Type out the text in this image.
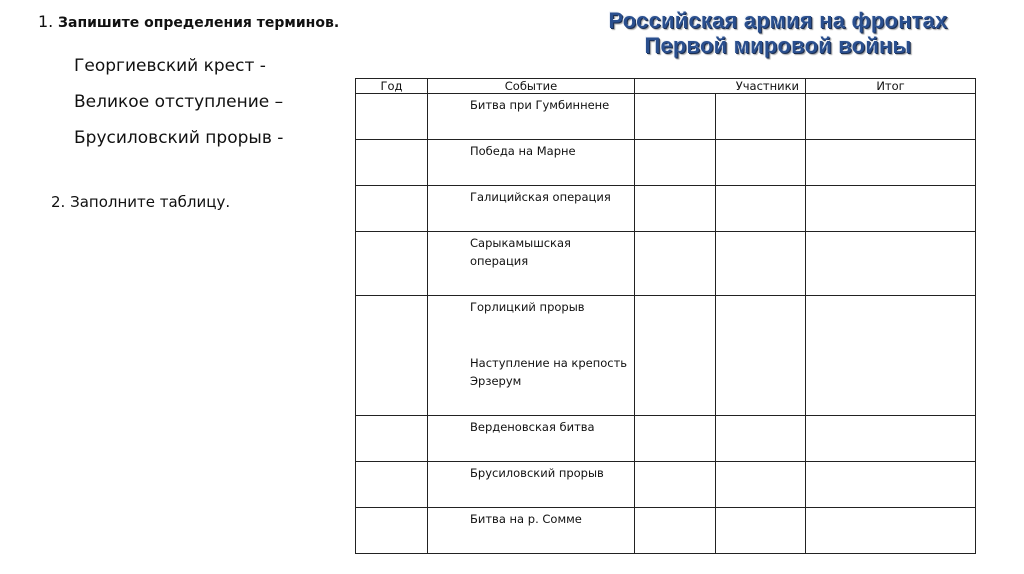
1. Запишите определения терминов.
Георгиевский крест -
Великое отступление –
Брусиловский прорыв -
2. Заполните таблицу.
Российская армия на фронтах
Первой мировой войны
Год	Событие	Участники		Итог

	Битва при Гумбиннене			

	Победа на Марне			

	Галицийская операция			

	Сарыкамышская операция			

	Горлицкий прорыв
Наступление на крепость Эрзерум			

	Верденовская битва			

	Брусиловский прорыв			

	Битва на р. Сомме			
